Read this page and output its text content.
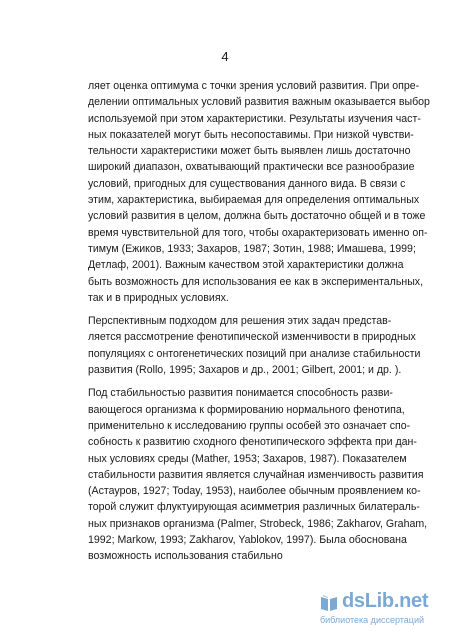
4
ляет оценка оптимума с точки зрения условий развития. При опре-
делении оптимальных условий развития важным оказывается выбор
используемой при этом характеристики. Результаты изучения част-
ных показателей могут быть несопоставимы. При низкой чувстви-
тельности характеристики может быть выявлен лишь достаточно
широкий диапазон, охватывающий практически все разнообразие
условий, пригодных для существования данного вида. В связи с
этим, характеристика, выбираемая для определения оптимальных
условий развития в целом, должна быть достаточно общей и в тоже
время чувствительной для того, чтобы охарактеризовать именно оп-
тимум (Ежиков, 1933; Захаров, 1987; Зотин, 1988; Имашева, 1999;
Детлаф, 2001). Важным качеством этой характеристики должна
быть возможность для использования ее как в экспериментальных,
так и в природных условиях.
Перспективным подходом для решения этих задач представ-
ляется рассмотрение фенотипической изменчивости в природных
популяциях с онтогенетических позиций при анализе стабильности
развития (Rollo, 1995; Захаров и др., 2001; Gilbert, 2001; и др. ).
Под стабильностью развития понимается способность разви-
вающегося организма к формированию нормального фенотипа,
применительно к исследованию группы особей это означает спо-
собность к развитию сходного фенотипического эффекта при дан-
ных условиях среды (Mather, 1953; Захаров, 1987). Показателем
стабильности развития является случайная изменчивость развития
(Астауров, 1927; Today, 1953), наиболее обычным проявлением ко-
торой служит флуктуирующая асимметрия различных билатераль-
ных признаков организма (Palmer, Strobeck, 1986; Zakharov, Graham,
1992; Markow, 1993; Zakharov, Yablokov, 1997). Была обоснована
возможность использования стабильно
dsLib.net
библиотека диссертаций
